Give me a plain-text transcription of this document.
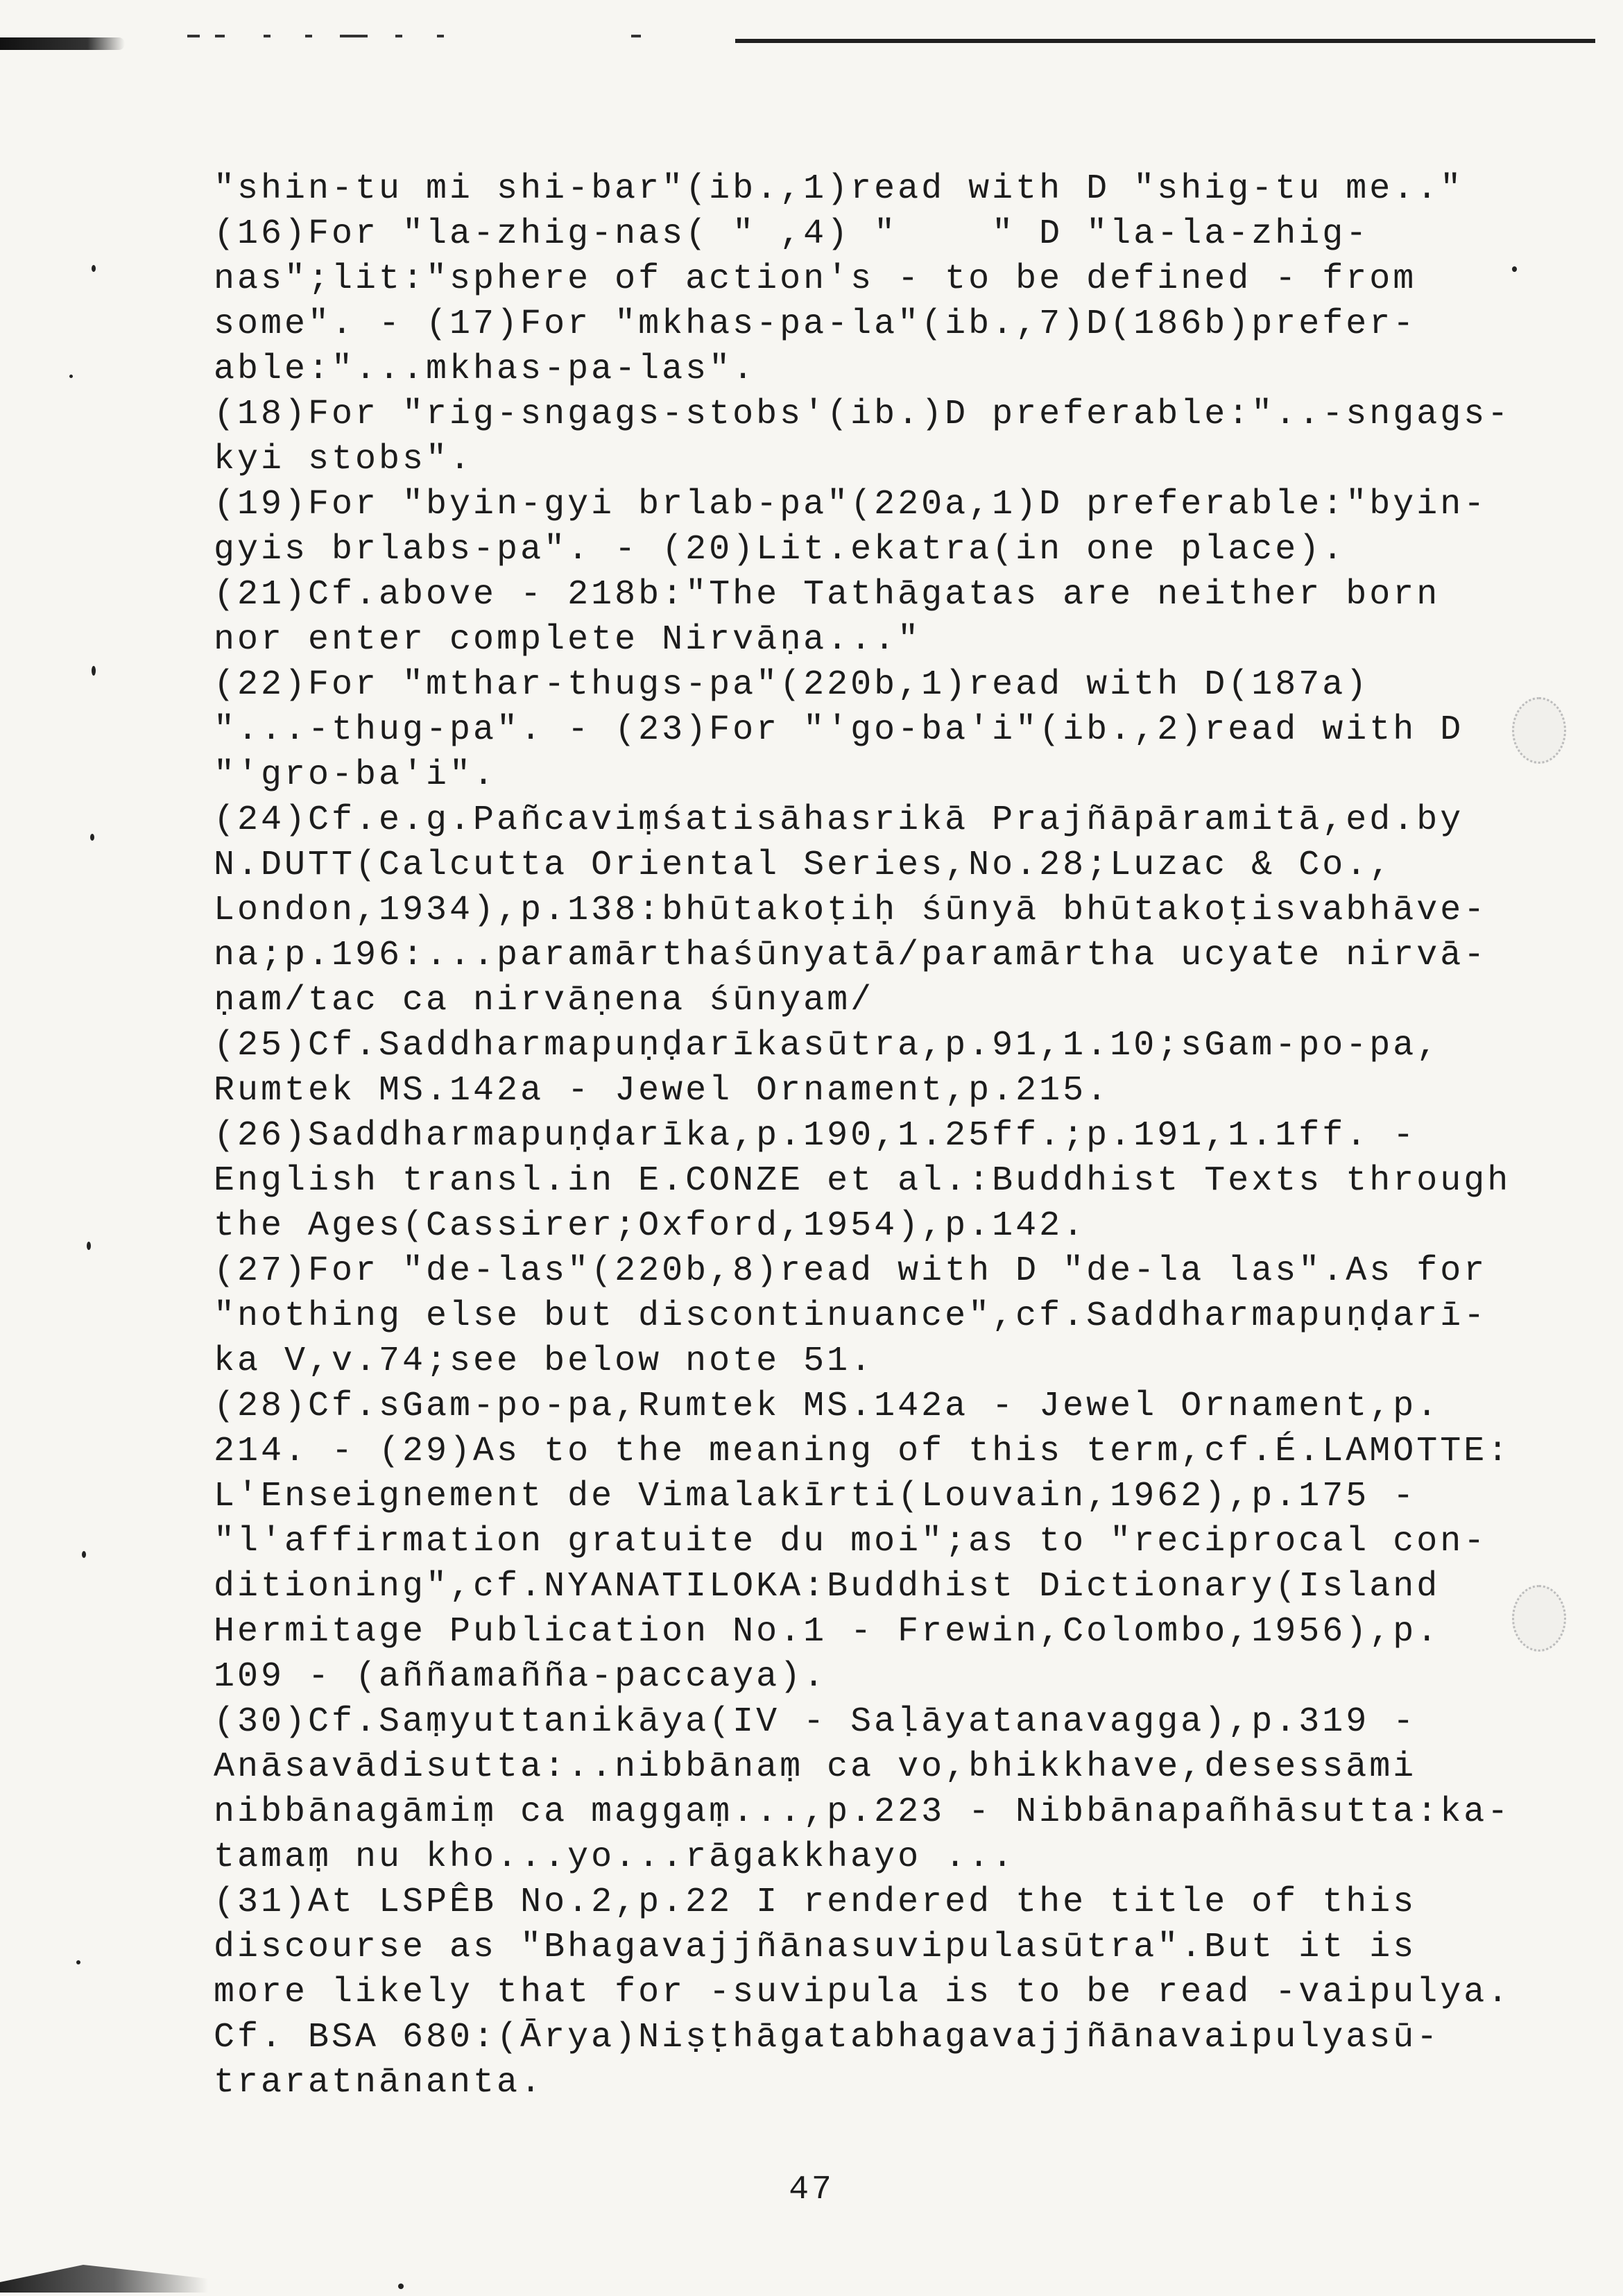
"shin-tu mi shi-bar"(ib.,1)read with D "shig-tu me.."
(16)For "la-zhig-nas( " ,4) "    " D "la-la-zhig-
nas";lit:"sphere of action's - to be defined - from
some". - (17)For "mkhas-pa-la"(ib.,7)D(186b)prefer-
able:"...mkhas-pa-las".
(18)For "rig-sngags-stobs'(ib.)D preferable:"..-sngags-
kyi stobs".
(19)For "byin-gyi brlab-pa"(220a,1)D preferable:"byin-
gyis brlabs-pa". - (20)Lit.ekatra(in one place).
(21)Cf.above - 218b:"The Tathāgatas are neither born
nor enter complete Nirvāṇa..."
(22)For "mthar-thugs-pa"(220b,1)read with D(187a)
"...-thug-pa". - (23)For "'go-ba'i"(ib.,2)read with D
"'gro-ba'i".
(24)Cf.e.g.Pañcaviṃśatisāhasrikā Prajñāpāramitā,ed.by
N.DUTT(Calcutta Oriental Series,No.28;Luzac & Co.,
London,1934),p.138:bhūtakoṭiḥ śūnyā bhūtakoṭisvabhāve-
na;p.196:...paramārthaśūnyatā/paramārtha ucyate nirvā-
ṇam/tac ca nirvāṇena śūnyam/
(25)Cf.Saddharmapuṇḍarīkasūtra,p.91,1.10;sGam-po-pa,
Rumtek MS.142a - Jewel Ornament,p.215.
(26)Saddharmapuṇḍarīka,p.190,1.25ff.;p.191,1.1ff. -
English transl.in E.CONZE et al.:Buddhist Texts through
the Ages(Cassirer;Oxford,1954),p.142.
(27)For "de-las"(220b,8)read with D "de-la las".As for
"nothing else but discontinuance",cf.Saddharmapuṇḍarī-
ka V,v.74;see below note 51.
(28)Cf.sGam-po-pa,Rumtek MS.142a - Jewel Ornament,p.
214. - (29)As to the meaning of this term,cf.É.LAMOTTE:
L'Enseignement de Vimalakīrti(Louvain,1962),p.175 -
"l'affirmation gratuite du moi";as to "reciprocal con-
ditioning",cf.NYANATILOKA:Buddhist Dictionary(Island
Hermitage Publication No.1 - Frewin,Colombo,1956),p.
109 - (aññamañña-paccaya).
(30)Cf.Saṃyuttanikāya(IV - Saḷāyatanavagga),p.319 -
Anāsavādisutta:..nibbānaṃ ca vo,bhikkhave,desessāmi
nibbānagāmiṃ ca maggaṃ...,p.223 - Nibbānapañhāsutta:ka-
tamaṃ nu kho...yo...rāgakkhayo ...
(31)At LSPÊB No.2,p.22 I rendered the title of this
discourse as "Bhagavajjñānasuvipulasūtra".But it is
more likely that for -suvipula is to be read -vaipulya.
Cf. BSA 680:(Ārya)Niṣṭhāgatabhagavajjñānavaipulyasū-
traratnānanta.
47
